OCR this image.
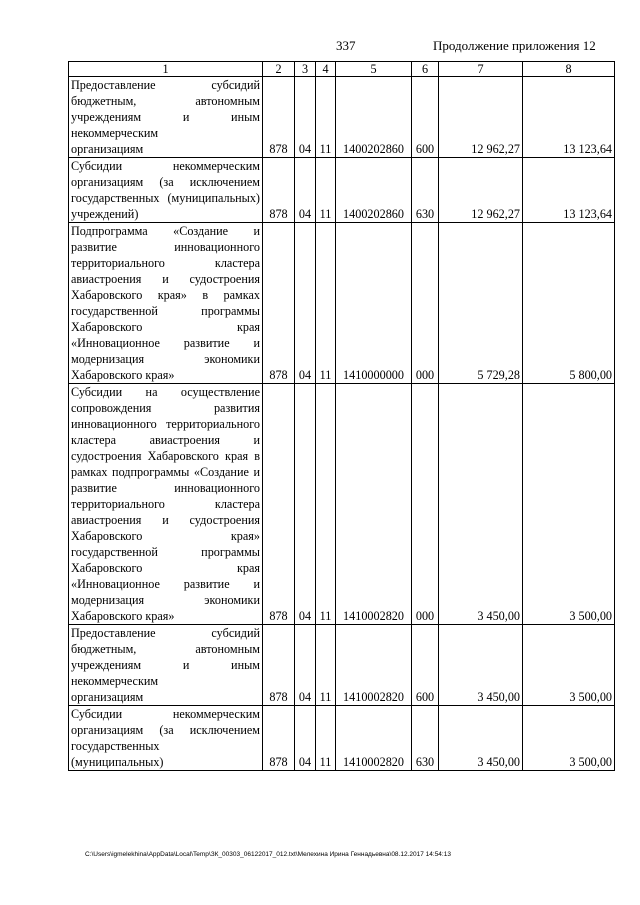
337	Продолжение приложения 12
1	2	3	4	5	6	7	8
Предоставление субсидий бюджетным, автономным учреждениям и иным некоммерческим
организациям	878	04	11	1400202860	600	12 962,27	13 123,64
Субсидии некоммерческим организациям (за исключением государственных (муниципальных)
учреждений)	878	04	11	1400202860	630	12 962,27	13 123,64
Подпрограмма «Создание и развитие инновационного территориального кластера авиастроения и судостроения Хабаровского края» в рамках государственной программы Хабаровского края «Инновационное развитие и модернизация экономики
Хабаровского края»	878	04	11	1410000000	000	5 729,28	5 800,00
Субсидии на осуществление сопровождения развития инновационного территориального кластера авиастроения и судостроения Хабаровского края в рамках подпрограммы «Создание и развитие инновационного территориального кластера авиастроения и судостроения Хабаровского края» государственной программы Хабаровского края «Инновационное развитие и модернизация экономики
Хабаровского края»	878	04	11	1410002820	000	3 450,00	3 500,00
Предоставление субсидий бюджетным, автономным учреждениям и иным некоммерческим
организациям	878	04	11	1410002820	600	3 450,00	3 500,00
Субсидии некоммерческим организациям (за исключением государственных
(муниципальных)	878	04	11	1410002820	630	3 450,00	3 500,00
C:\Users\igmelekhina\AppData\Local\Temp\ЗК_00303_06122017_012.txt\Мелехина Ирина Геннадьевна\08.12.2017 14:54:13
